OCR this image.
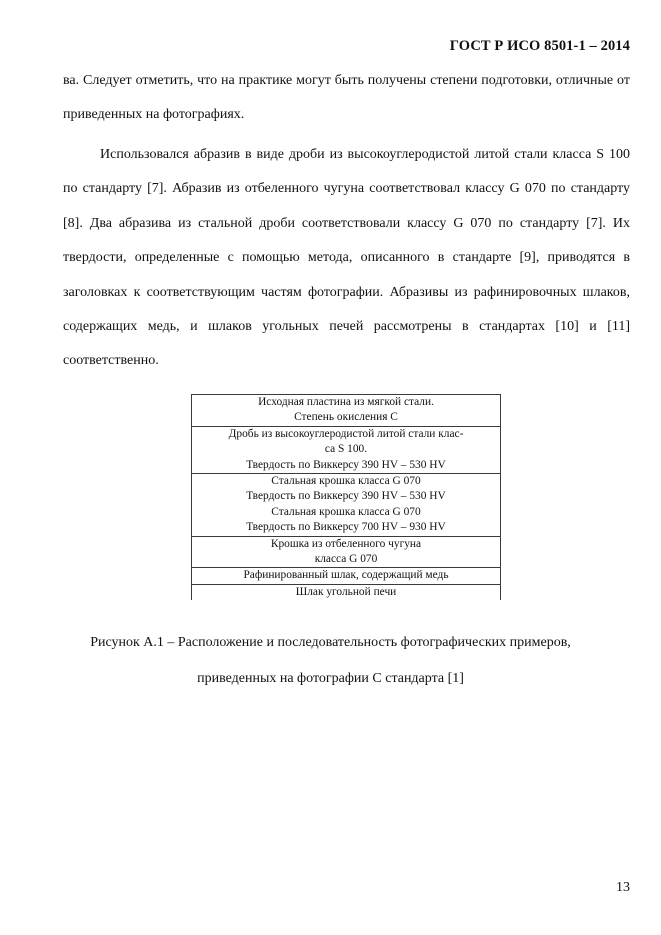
ГОСТ Р ИСО 8501-1 – 2014

ва. Следует отметить, что на практике могут быть получены степени подготовки, отличные от приведенных на фотографиях.

Использовался абразив в виде дроби из высокоуглеродистой литой стали класса S 100 по стандарту [7]. Абразив из отбеленного чугуна соответствовал классу G 070 по стандарту [8]. Два абразива из стальной дроби соответствовали классу G 070 по стандарту [7]. Их твердости, определенные с помощью метода, описанного в стандарте [9], приводятся в заголовках к соответствующим частям фотографии. Абразивы из рафинировочных шлаков, содержащих медь, и шлаков угольных печей рассмотрены в стандартах [10] и [11] соответственно.

Исходная пластина из мягкой стали.
Степень окисления С

Дробь из высокоуглеродистой литой стали клас-
са S 100.
Твердость по Виккерсу 390 HV – 530 HV

Стальная крошка класса G 070
Твердость по Виккерсу 390 HV – 530 HV
Стальная крошка класса G 070
Твердость по Виккерсу 700 HV – 930 HV

Крошка из отбеленного чугуна
класса G 070

Рафинированный шлак, содержащий медь

Шлак угольной печи

Рисунок А.1 – Расположение и последовательность фотографических примеров,

приведенных на фотографии С стандарта [1]

13
